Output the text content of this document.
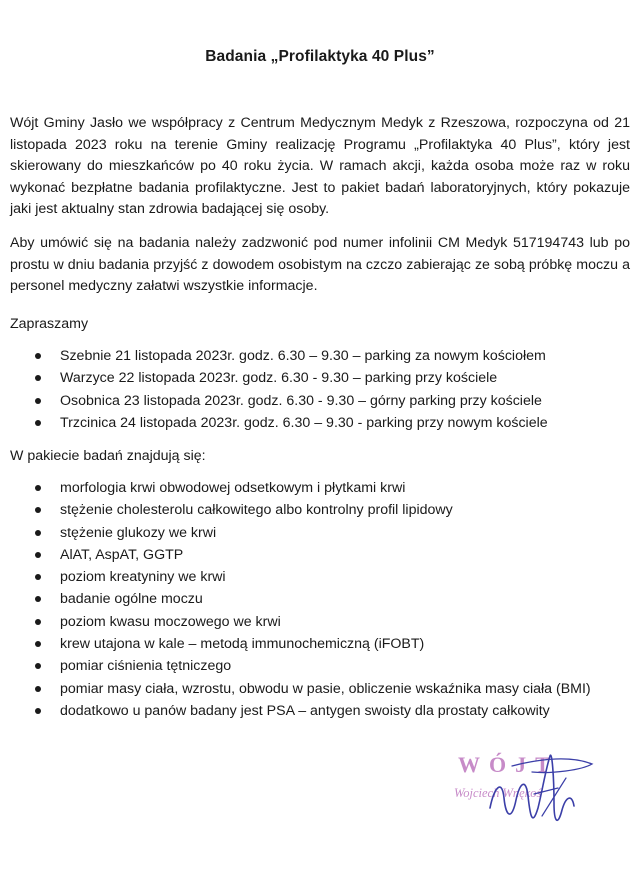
Badania „Profilaktyka 40 Plus”

Wójt Gminy Jasło we współpracy z Centrum Medycznym Medyk z Rzeszowa, rozpoczyna od 21 listopada 2023 roku na terenie Gminy realizację Programu „Profilaktyka 40 Plus”, który jest skierowany do mieszkańców po 40 roku życia. W ramach akcji, każda osoba może raz w roku wykonać bezpłatne badania profilaktyczne. Jest to pakiet badań laboratoryjnych, który pokazuje jaki jest aktualny stan zdrowia badającej się osoby.

Aby umówić się na badania należy zadzwonić pod numer infolinii CM Medyk 517194743 lub po prostu w dniu badania przyjść z dowodem osobistym na czczo zabierając ze sobą próbkę moczu a personel medyczny załatwi wszystkie informacje.

Zapraszamy

Szebnie 21 listopada 2023r. godz. 6.30 – 9.30 – parking za nowym kościołem
Warzyce 22 listopada 2023r. godz. 6.30 - 9.30 – parking przy kościele
Osobnica 23 listopada 2023r. godz. 6.30 - 9.30 – górny parking przy kościele
Trzcinica 24 listopada 2023r. godz. 6.30 – 9.30 - parking przy nowym kościele

W pakiecie badań znajdują się:

morfologia krwi obwodowej odsetkowym i płytkami krwi
stężenie cholesterolu całkowitego albo kontrolny profil lipidowy
stężenie glukozy we krwi
AlAT, AspAT, GGTP
poziom kreatyniny we krwi
badanie ogólne moczu
poziom kwasu moczowego we krwi
krew utajona w kale – metodą immunochemiczną (iFOBT)
pomiar ciśnienia tętniczego
pomiar masy ciała, wzrostu, obwodu w pasie, obliczenie wskaźnika masy ciała (BMI)
dodatkowo u panów badany jest PSA – antygen swoisty dla prostaty całkowity
WÓJT
Wojciech Wnękoś
